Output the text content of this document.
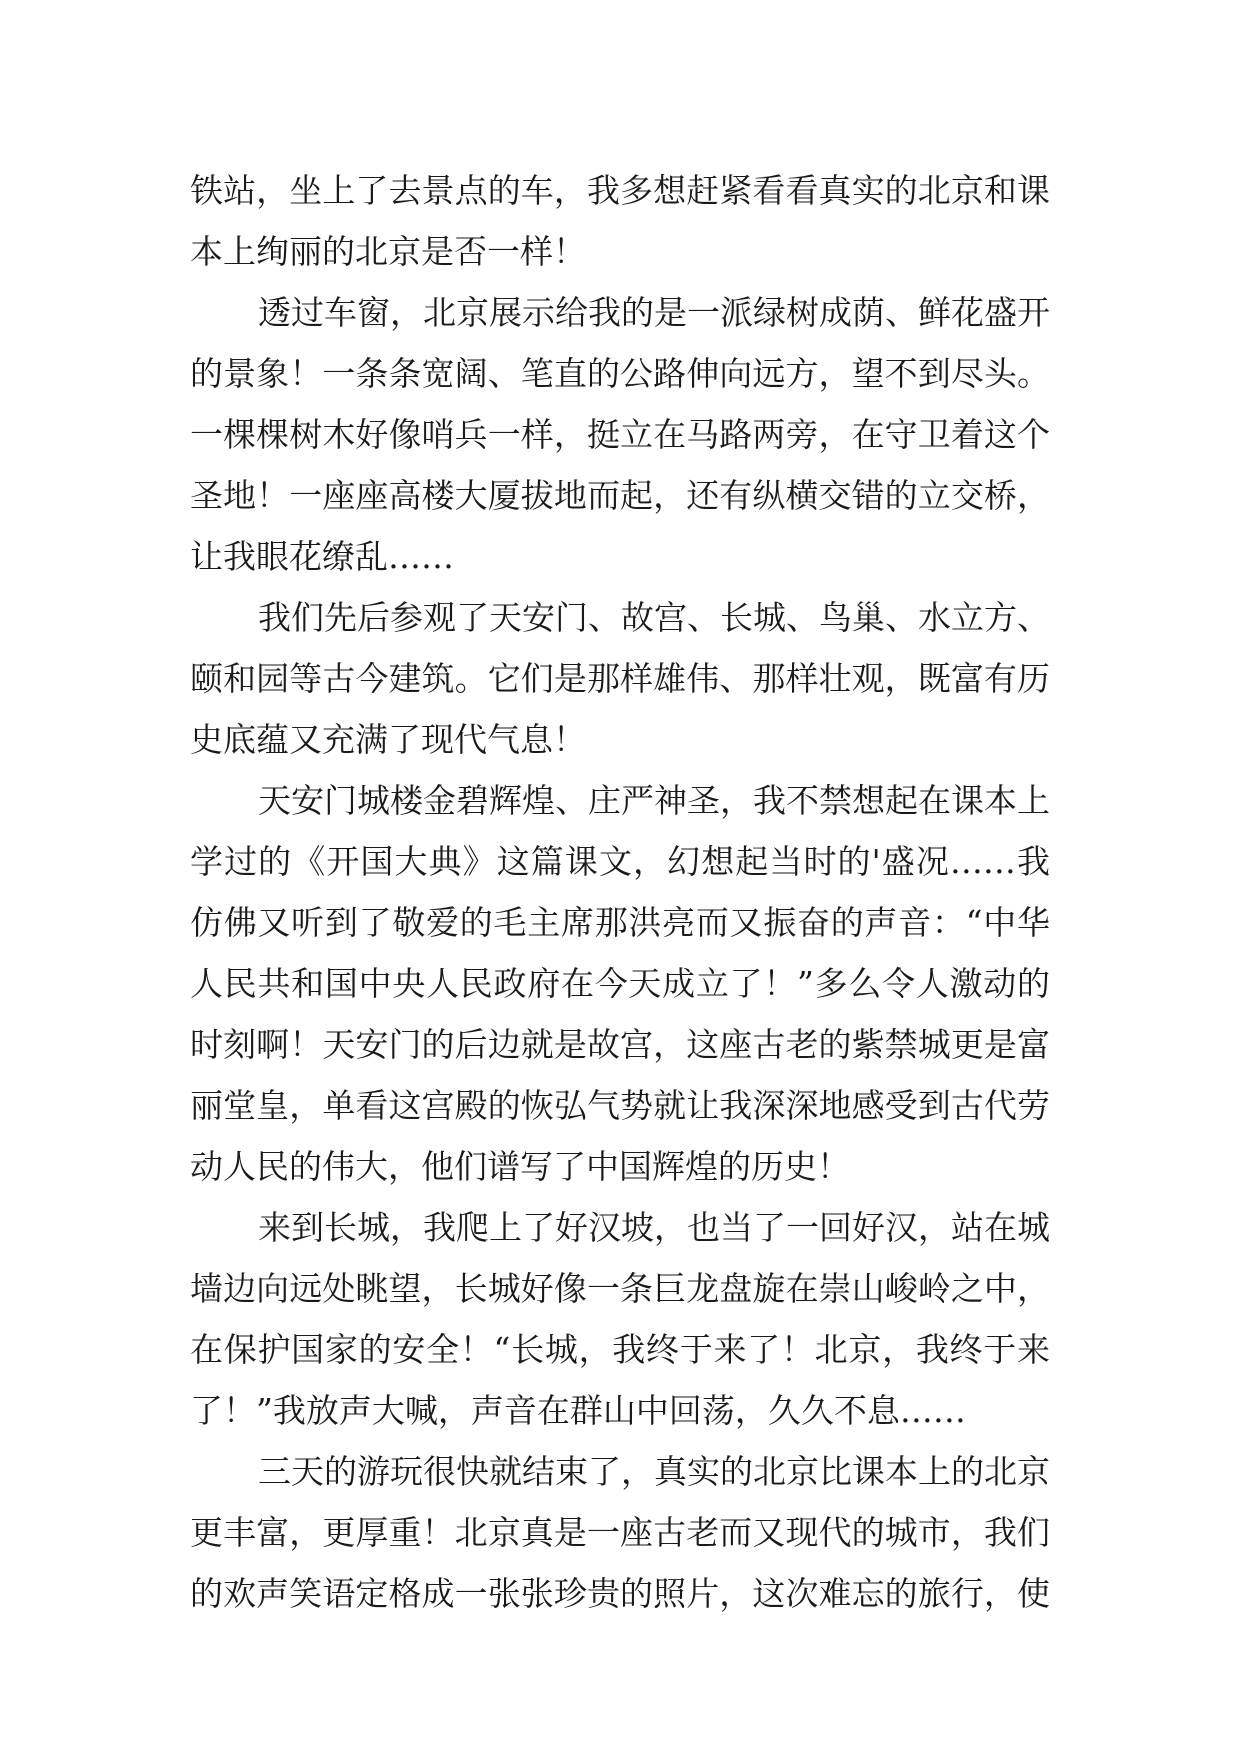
铁站，坐上了去景点的车，我多想赶紧看看真实的北京和课
本上绚丽的北京是否一样！
透过车窗，北京展示给我的是一派绿树成荫、鲜花盛开
的景象！一条条宽阔、笔直的公路伸向远方，望不到尽头。
一棵棵树木好像哨兵一样，挺立在马路两旁，在守卫着这个
圣地！一座座高楼大厦拔地而起，还有纵横交错的立交桥，
让我眼花缭乱……
我们先后参观了天安门、故宫、长城、鸟巢、水立方、
颐和园等古今建筑。它们是那样雄伟、那样壮观，既富有历
史底蕴又充满了现代气息！
天安门城楼金碧辉煌、庄严神圣，我不禁想起在课本上
学过的《开国大典》这篇课文，幻想起当时的'盛况……我
仿佛又听到了敬爱的毛主席那洪亮而又振奋的声音：“中华
人民共和国中央人民政府在今天成立了！”多么令人激动的
时刻啊！天安门的后边就是故宫，这座古老的紫禁城更是富
丽堂皇，单看这宫殿的恢弘气势就让我深深地感受到古代劳
动人民的伟大，他们谱写了中国辉煌的历史！
来到长城，我爬上了好汉坡，也当了一回好汉，站在城
墙边向远处眺望，长城好像一条巨龙盘旋在崇山峻岭之中，
在保护国家的安全！“长城，我终于来了！北京，我终于来
了！”我放声大喊，声音在群山中回荡，久久不息……
三天的游玩很快就结束了，真实的北京比课本上的北京
更丰富，更厚重！北京真是一座古老而又现代的城市，我们
的欢声笑语定格成一张张珍贵的照片，这次难忘的旅行，使
